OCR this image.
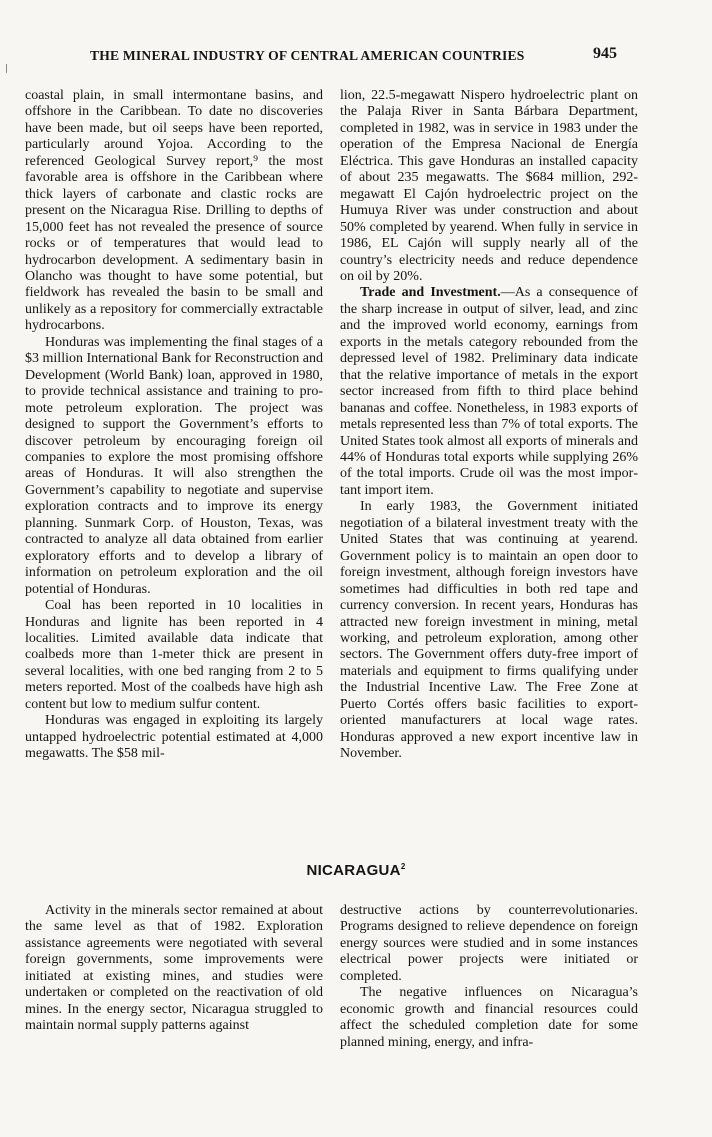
THE MINERAL INDUSTRY OF CENTRAL AMERICAN COUNTRIES	945

coastal plain, in small intermontane basins, and offshore in the Caribbean. To date no discoveries have been made, but oil seeps have been reported, particularly around Yojoa. According to the referenced Geological Survey report,⁹ the most favorable area is offshore in the Caribbean where thick layers of carbonate and clastic rocks are present on the Nicaragua Rise. Drilling to depths of 15,000 feet has not revealed the presence of source rocks or of temperatures that would lead to hydrocarbon development. A sedimentary basin in Olancho was thought to have some potential, but fieldwork has revealed the basin to be small and unlikely as a repository for commercially extractable hydrocarbons.

Honduras was implementing the final stages of a $3 million International Bank for Reconstruction and Development (World Bank) loan, approved in 1980, to provide technical assistance and training to promote petroleum exploration. The project was designed to support the Government’s efforts to discover petroleum by encouraging foreign oil companies to explore the most promising offshore areas of Honduras. It will also strengthen the Government’s capability to negotiate and supervise exploration contracts and to improve its energy planning. Sunmark Corp. of Houston, Texas, was contracted to analyze all data obtained from earlier exploratory efforts and to develop a library of information on petroleum exploration and the oil potential of Honduras.

Coal has been reported in 10 localities in Honduras and lignite has been reported in 4 localities. Limited available data indicate that coalbeds more than 1-meter thick are present in several localities, with one bed ranging from 2 to 5 meters reported. Most of the coalbeds have high ash content but low to medium sulfur content.

Honduras was engaged in exploiting its largely untapped hydroelectric potential estimated at 4,000 megawatts. The $58 mil-

lion, 22.5-megawatt Nispero hydroelectric plant on the Palaja River in Santa Bárbara Department, completed in 1982, was in service in 1983 under the operation of the Empresa Nacional de Energía Eléctrica. This gave Honduras an installed capacity of about 235 megawatts. The $684 million, 292-megawatt El Cajón hydroelectric project on the Humuya River was under construction and about 50% completed by yearend. When fully in service in 1986, EL Cajón will supply nearly all of the country’s electricity needs and reduce dependence on oil by 20%.

Trade and Investment.—As a consequence of the sharp increase in output of silver, lead, and zinc and the improved world economy, earnings from exports in the metals category rebounded from the depressed level of 1982. Preliminary data indicate that the relative importance of metals in the export sector increased from fifth to third place behind bananas and coffee. Nonetheless, in 1983 exports of metals represented less than 7% of total exports. The United States took almost all exports of minerals and 44% of Honduras total exports while supplying 26% of the total imports. Crude oil was the most important import item.

In early 1983, the Government initiated negotiation of a bilateral investment treaty with the United States that was continuing at yearend. Government policy is to maintain an open door to foreign investment, although foreign investors have sometimes had difficulties in both red tape and currency conversion. In recent years, Honduras has attracted new foreign investment in mining, metal working, and petroleum exploration, among other sectors. The Government offers duty-free import of materials and equipment to firms qualifying under the Industrial Incentive Law. The Free Zone at Puerto Cortés offers basic facilities to export-oriented manufacturers at local wage rates. Honduras approved a new export incentive law in November.

NICARAGUA$^2$

Activity in the minerals sector remained at about the same level as that of 1982. Exploration assistance agreements were negotiated with several foreign governments, some improvements were initiated at existing mines, and studies were undertaken or completed on the reactivation of old mines. In the energy sector, Nicaragua struggled to maintain normal supply patterns against

destructive actions by counterrevolutionaries. Programs designed to relieve dependence on foreign energy sources were studied and in some instances electrical power projects were initiated or completed.

The negative influences on Nicaragua’s economic growth and financial resources could affect the scheduled completion date for some planned mining, energy, and infra-
